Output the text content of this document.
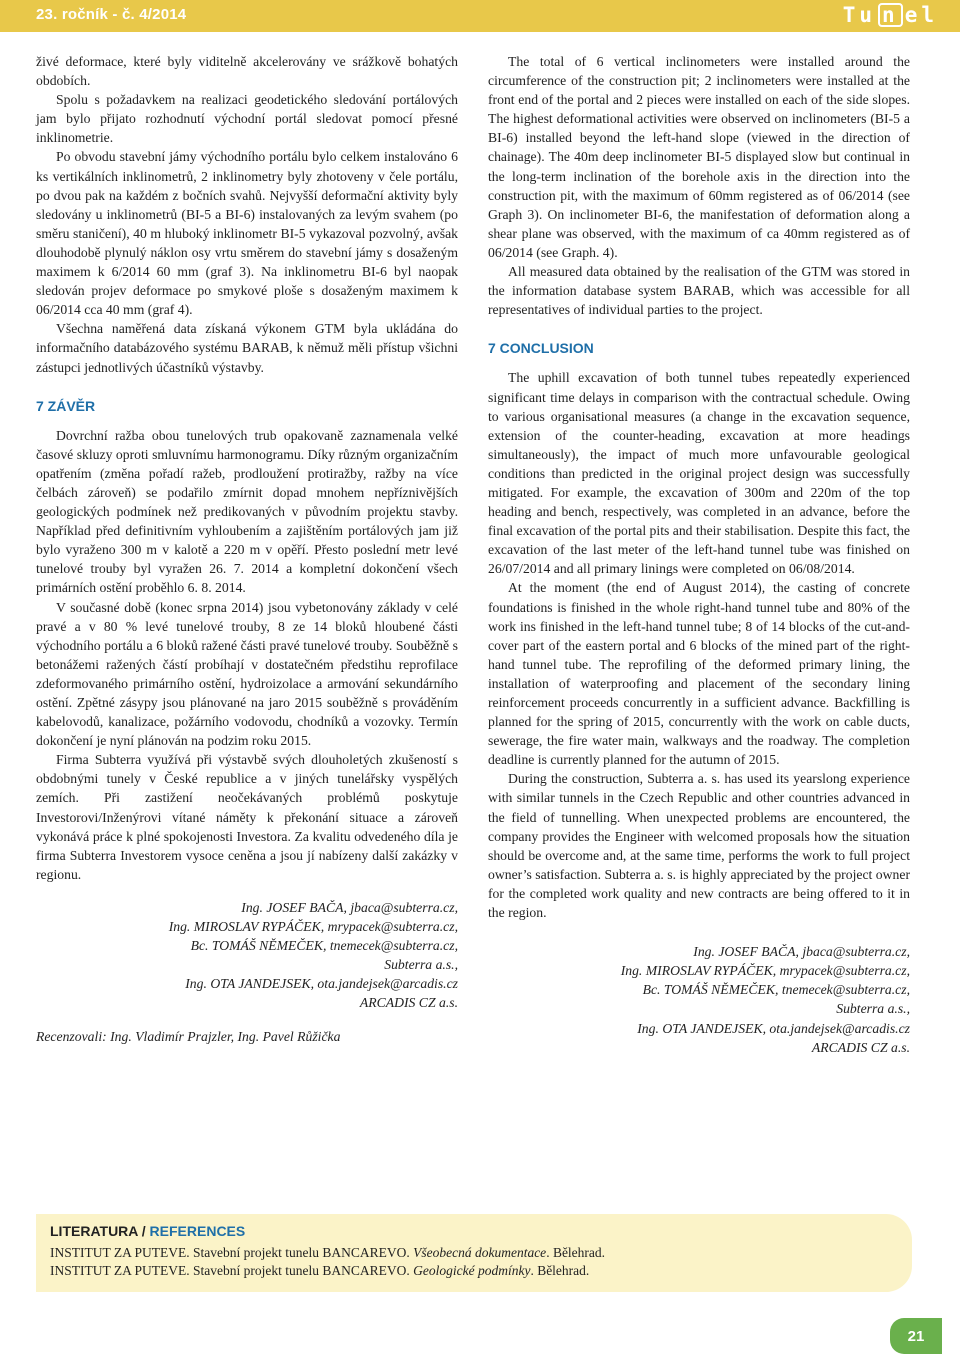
23. ročník - č. 4/2014	Tu n el

živé deformace, které byly viditelně akcelerovány ve srážkově bohatých obdobích.

Spolu s požadavkem na realizaci geodetického sledování portálových jam bylo přijato rozhodnutí východní portál sledovat pomocí přesné inklinometrie.

Po obvodu stavební jámy východního portálu bylo celkem instalováno 6 ks vertikálních inklinometrů, 2 inklinometry byly zhotoveny v čele portálu, po dvou pak na každém z bočních svahů. Nejvyšší deformační aktivity byly sledovány u inklinometrů (BI-5 a BI-6) instalovaných za levým svahem (po směru staničení), 40 m hluboký inklinometr BI-5 vykazoval pozvolný, avšak dlouhodobě plynulý náklon osy vrtu směrem do stavební jámy s dosaženým maximem k 6/2014 60 mm (graf 3). Na inklinometru BI-6 byl naopak sledován projev deformace po smykové ploše s dosaženým maximem k 06/2014 cca 40 mm (graf 4).

Všechna naměřená data získaná výkonem GTM byla ukládána do informačního databázového systému BARAB, k němuž měli přístup všichni zástupci jednotlivých účastníků výstavby.

7 ZÁVĚR

Dovrchní ražba obou tunelových trub opakovaně zaznamenala velké časové skluzy oproti smluvnímu harmonogramu. Díky různým organizačním opatřením (změna pořadí ražeb, prodloužení protiražby, ražby na více čelbách zároveň) se podařilo zmírnit dopad mnohem nepříznivějších geologických podmínek než predikovaných v původním projektu stavby. Například před definitivním vyhloubením a zajištěním portálových jam již bylo vyraženo 300 m v kalotě a 220 m v opěří. Přesto poslední metr levé tunelové trouby byl vyražen 26. 7. 2014 a kompletní dokončení všech primárních ostění proběhlo 6. 8. 2014.

V současné době (konec srpna 2014) jsou vybetonovány základy v celé pravé a v 80 % levé tunelové trouby, 8 ze 14 bloků hloubené části východního portálu a 6 bloků ražené části pravé tunelové trouby. Souběžně s betonážemi ražených částí probíhají v dostatečném předstihu reprofilace zdeformovaného primárního ostění, hydroizolace a armování sekundárního ostění. Zpětné zásypy jsou plánované na jaro 2015 souběžně s prováděním kabelovodů, kanalizace, požárního vodovodu, chodníků a vozovky. Termín dokončení je nyní plánován na podzim roku 2015.

Firma Subterra využívá při výstavbě svých dlouholetých zkušeností s obdobnými tunely v České republice a v jiných tunelářsky vyspělých zemích. Při zastižení neočekávaných problémů poskytuje Investorovi/Inženýrovi vítané náměty k překonání situace a zároveň vykonává práce k plné spokojenosti Investora. Za kvalitu odvedeného díla je firma Subterra Investorem vysoce ceněna a jsou jí nabízeny další zakázky v regionu.

Ing. JOSEF BAČA, jbaca@subterra.cz,
Ing. MIROSLAV RYPÁČEK, mrypacek@subterra.cz,
Bc. TOMÁŠ NĚMEČEK, tnemecek@subterra.cz,
Subterra a.s.,
Ing. OTA JANDEJSEK, ota.jandejsek@arcadis.cz
ARCADIS CZ a.s.
Recenzovali: Ing. Vladimír Prajzler, Ing. Pavel Růžička

The total of 6 vertical inclinometers were installed around the circumference of the construction pit; 2 inclinometers were installed at the front end of the portal and 2 pieces were installed on each of the side slopes. The highest deformational activities were observed on inclinometers (BI-5 a BI-6) installed beyond the left-hand slope (viewed in the direction of chainage). The 40m deep inclinometer BI-5 displayed slow but continual in the long-term inclination of the borehole axis in the direction into the construction pit, with the maximum of 60mm registered as of 06/2014 (see Graph 3). On inclinometer BI-6, the manifestation of deformation along a shear plane was observed, with the maximum of ca 40mm registered as of 06/2014 (see Graph. 4).

All measured data obtained by the realisation of the GTM was stored in the information database system BARAB, which was accessible for all representatives of individual parties to the project.

7 CONCLUSION

The uphill excavation of both tunnel tubes repeatedly experienced significant time delays in comparison with the contractual schedule. Owing to various organisational measures (a change in the excavation sequence, extension of the counter-heading, excavation at more headings simultaneously), the impact of much more unfavourable geological conditions than predicted in the original project design was successfully mitigated. For example, the excavation of 300m and 220m of the top heading and bench, respectively, was completed in an advance, before the final excavation of the portal pits and their stabilisation. Despite this fact, the excavation of the last meter of the left-hand tunnel tube was finished on 26/07/2014 and all primary linings were completed on 06/08/2014.

At the moment (the end of August 2014), the casting of concrete foundations is finished in the whole right-hand tunnel tube and 80% of the work ins finished in the left-hand tunnel tube; 8 of 14 blocks of the cut-and-cover part of the eastern portal and 6 blocks of the mined part of the right-hand tunnel tube. The reprofiling of the deformed primary lining, the installation of waterproofing and placement of the secondary lining reinforcement proceeds concurrently in a sufficient advance. Backfilling is planned for the spring of 2015, concurrently with the work on cable ducts, sewerage, the fire water main, walkways and the roadway. The completion deadline is currently planned for the autumn of 2015.

During the construction, Subterra a. s. has used its yearslong experience with similar tunnels in the Czech Republic and other countries advanced in the field of tunnelling. When unexpected problems are encountered, the company provides the Engineer with welcomed proposals how the situation should be overcome and, at the same time, performs the work to full project owner’s satisfaction. Subterra a. s. is highly appreciated by the project owner for the completed work quality and new contracts are being offered to it in the region.

Ing. JOSEF BAČA, jbaca@subterra.cz,
Ing. MIROSLAV RYPÁČEK, mrypacek@subterra.cz,
Bc. TOMÁŠ NĚMEČEK, tnemecek@subterra.cz,
Subterra a.s.,
Ing. OTA JANDEJSEK, ota.jandejsek@arcadis.cz
ARCADIS CZ a.s.
LITERATURA / REFERENCES
INSTITUT ZA PUTEVE. Stavební projekt tunelu BANCAREVO. Všeobecná dokumentace. Bělehrad.
INSTITUT ZA PUTEVE. Stavební projekt tunelu BANCAREVO. Geologické podmínky. Bělehrad.
21
